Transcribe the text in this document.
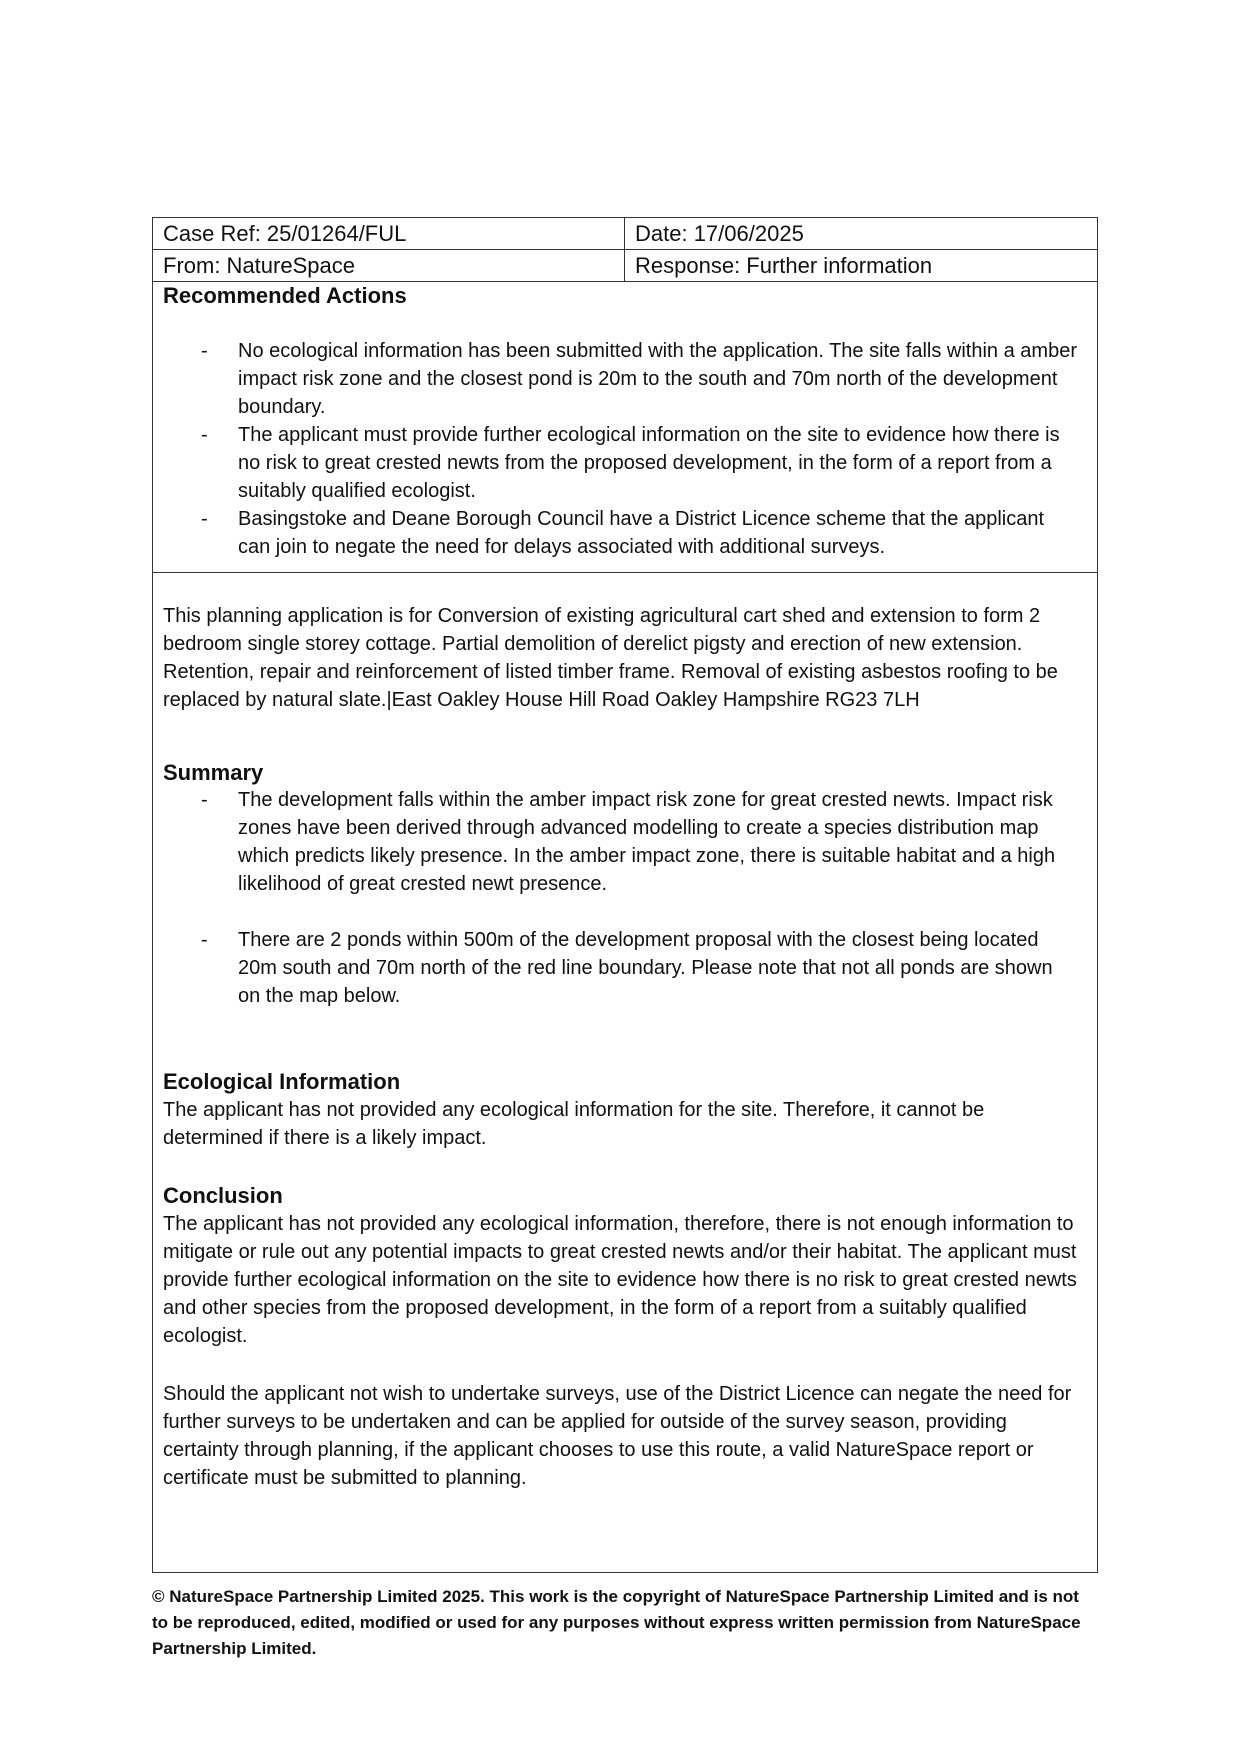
Case Ref: 25/01264/FUL	Date: 17/06/2025
From: NatureSpace	Response: Further information
Recommended Actions
- No ecological information has been submitted with the application. The site falls within a amber impact risk zone and the closest pond is 20m to the south and 70m north of the development boundary.
- The applicant must provide further ecological information on the site to evidence how there is no risk to great crested newts from the proposed development, in the form of a report from a suitably qualified ecologist.
- Basingstoke and Deane Borough Council have a District Licence scheme that the applicant can join to negate the need for delays associated with additional surveys.

This planning application is for Conversion of existing agricultural cart shed and extension to form 2 bedroom single storey cottage. Partial demolition of derelict pigsty and erection of new extension. Retention, repair and reinforcement of listed timber frame. Removal of existing asbestos roofing to be replaced by natural slate.|East Oakley House Hill Road Oakley Hampshire RG23 7LH

Summary
- The development falls within the amber impact risk zone for great crested newts. Impact risk zones have been derived through advanced modelling to create a species distribution map which predicts likely presence. In the amber impact zone, there is suitable habitat and a high likelihood of great crested newt presence.
- There are 2 ponds within 500m of the development proposal with the closest being located 20m south and 70m north of the red line boundary. Please note that not all ponds are shown on the map below.
Ecological Information

The applicant has not provided any ecological information for the site. Therefore, it cannot be determined if there is a likely impact.

Conclusion

The applicant has not provided any ecological information, therefore, there is not enough information to mitigate or rule out any potential impacts to great crested newts and/or their habitat. The applicant must provide further ecological information on the site to evidence how there is no risk to great crested newts and other species from the proposed development, in the form of a report from a suitably qualified ecologist.

Should the applicant not wish to undertake surveys, use of the District Licence can negate the need for further surveys to be undertaken and can be applied for outside of the survey season, providing certainty through planning, if the applicant chooses to use this route, a valid NatureSpace report or certificate must be submitted to planning.

© NatureSpace Partnership Limited 2025. This work is the copyright of NatureSpace Partnership Limited and is not to be reproduced, edited, modified or used for any purposes without express written permission from NatureSpace Partnership Limited.
